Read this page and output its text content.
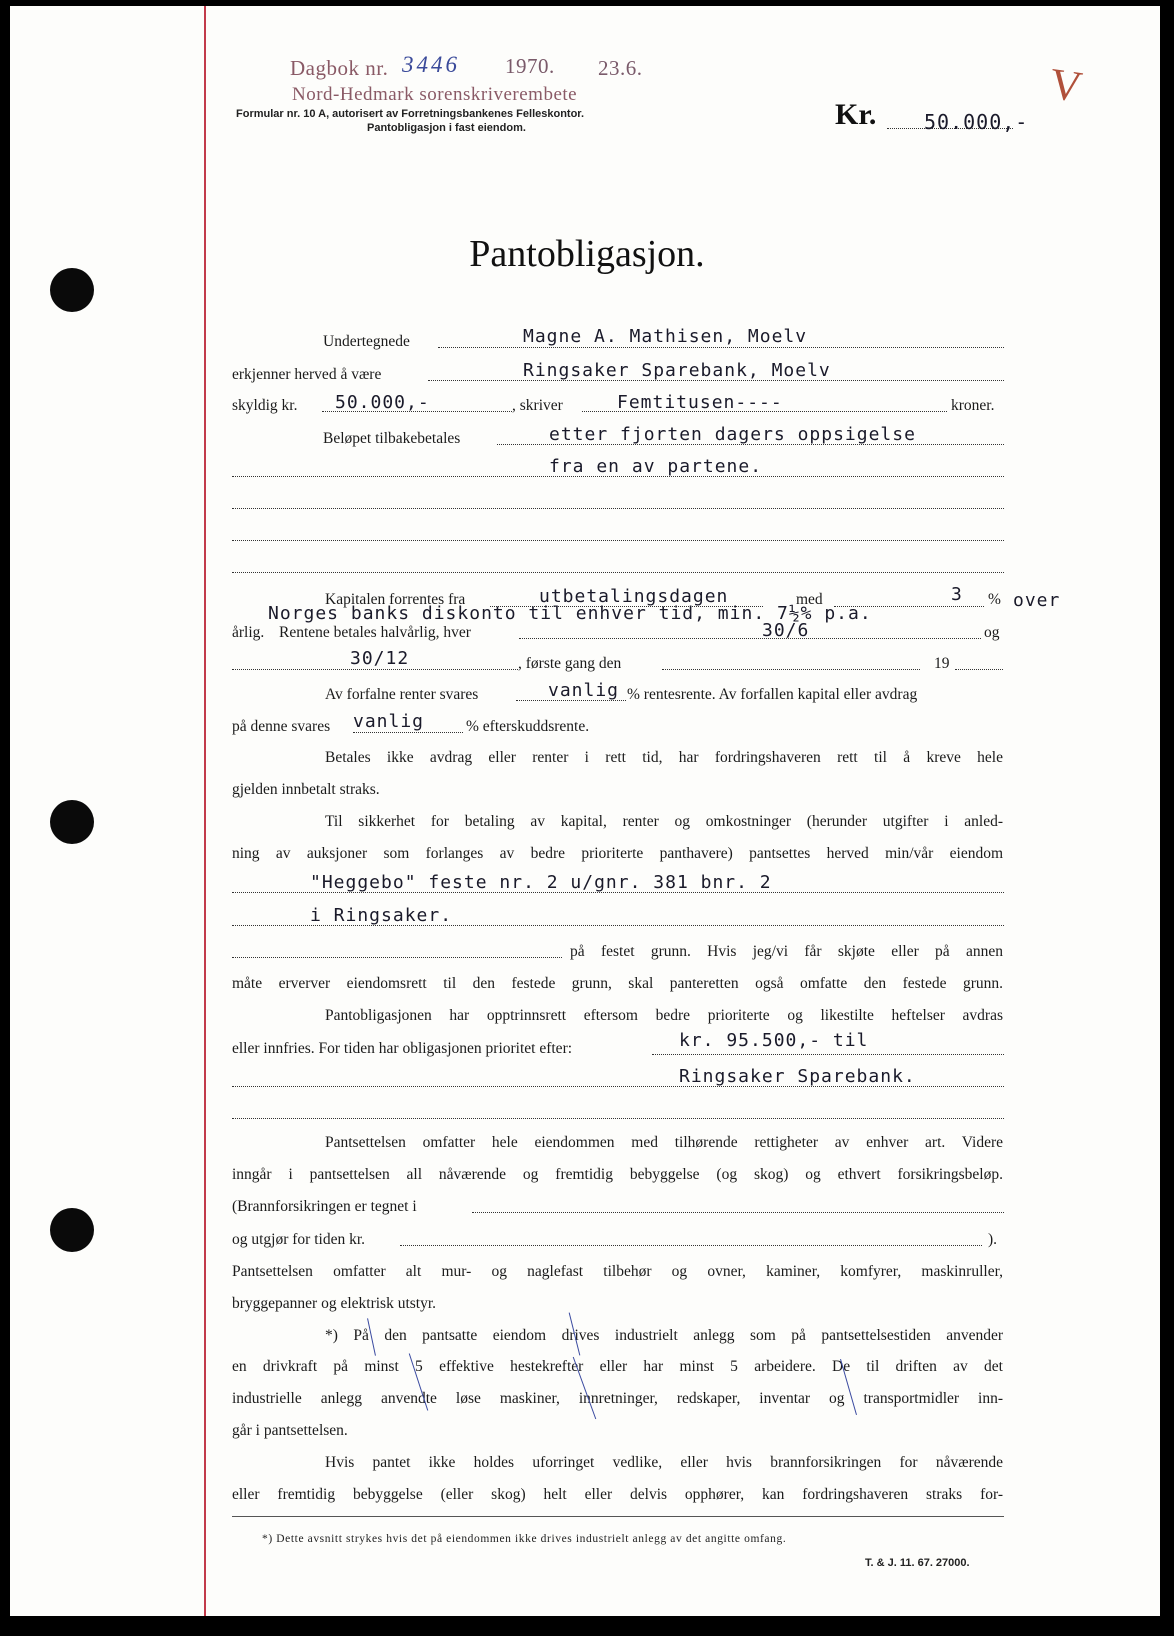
Dagbok nr. 3446 1970. 23.6.
Nord-Hedmark sorenskriverembete
Formular nr. 10 A, autorisert av Forretningsbankenes Felleskontor.
Pantobligasjon i fast eiendom.	Kr. 50.000,-
V
Pantobligasjon.
Undertegnede	Magne A. Mathisen, Moelv
erkjenner herved å være	Ringsaker Sparebank, Moelv
skyldig kr. 50.000,-	, skriver	Femtitusen----	kroner.
Beløpet tilbakebetales	etter fjorten dagers oppsigelse
fra en av partene.
Kapitalen forrentes fra	utbetalingsdagen	med	3 % over
Norges banks diskonto til enhver tid, min. 7½% p.a.
årlig. Rentene betales halvårlig, hver	30/6	og
30/12	, første gang den	19
Av forfalne renter svares	vanlig % rentesrente. Av forfallen kapital eller avdrag
på denne svares vanlig	% efterskuddsrente.
Betales ikke avdrag eller renter i rett tid, har fordringshaveren rett til å kreve hele
gjelden innbetalt straks.
Til sikkerhet for betaling av kapital, renter og omkostninger (herunder utgifter i anled-
ning av auksjoner som forlanges av bedre prioriterte panthavere) pantsettes herved min/vår eiendom
"Heggebo" feste nr. 2 u/gnr. 381 bnr. 2
i Ringsaker.
på festet grunn. Hvis jeg/vi får skjøte eller på annen
måte erverver eiendomsrett til den festede grunn, skal panteretten også omfatte den festede grunn.
Pantobligasjonen har opptrinnsrett eftersom bedre prioriterte og likestilte heftelser avdras
eller innfries. For tiden har obligasjonen prioritet efter:	kr. 95.500,- til
Ringsaker Sparebank.
Pantsettelsen omfatter hele eiendommen med tilhørende rettigheter av enhver art. Videre
inngår i pantsettelsen all nåværende og fremtidig bebyggelse (og skog) og ethvert forsikringsbeløp.
(Brannforsikringen er tegnet i
og utgjør for tiden kr.	).
Pantsettelsen omfatter alt mur- og naglefast tilbehør og ovner, kaminer, komfyrer, maskinruller,
bryggepanner og elektrisk utstyr.
*) På den pantsatte eiendom drives industrielt anlegg som på pantsettelsestiden anvender
en drivkraft på minst 5 effektive hestekrefter eller har minst 5 arbeidere. De til driften av det
industrielle anlegg anvendte løse maskiner, innretninger, redskaper, inventar og transportmidler inn-
går i pantsettelsen.
Hvis pantet ikke holdes uforringet vedlike, eller hvis brannforsikringen for nåværende
eller fremtidig bebyggelse (eller skog) helt eller delvis opphører, kan fordringshaveren straks for-
*) Dette avsnitt strykes hvis det på eiendommen ikke drives industrielt anlegg av det angitte omfang.
T. & J. 11. 67. 27000.
